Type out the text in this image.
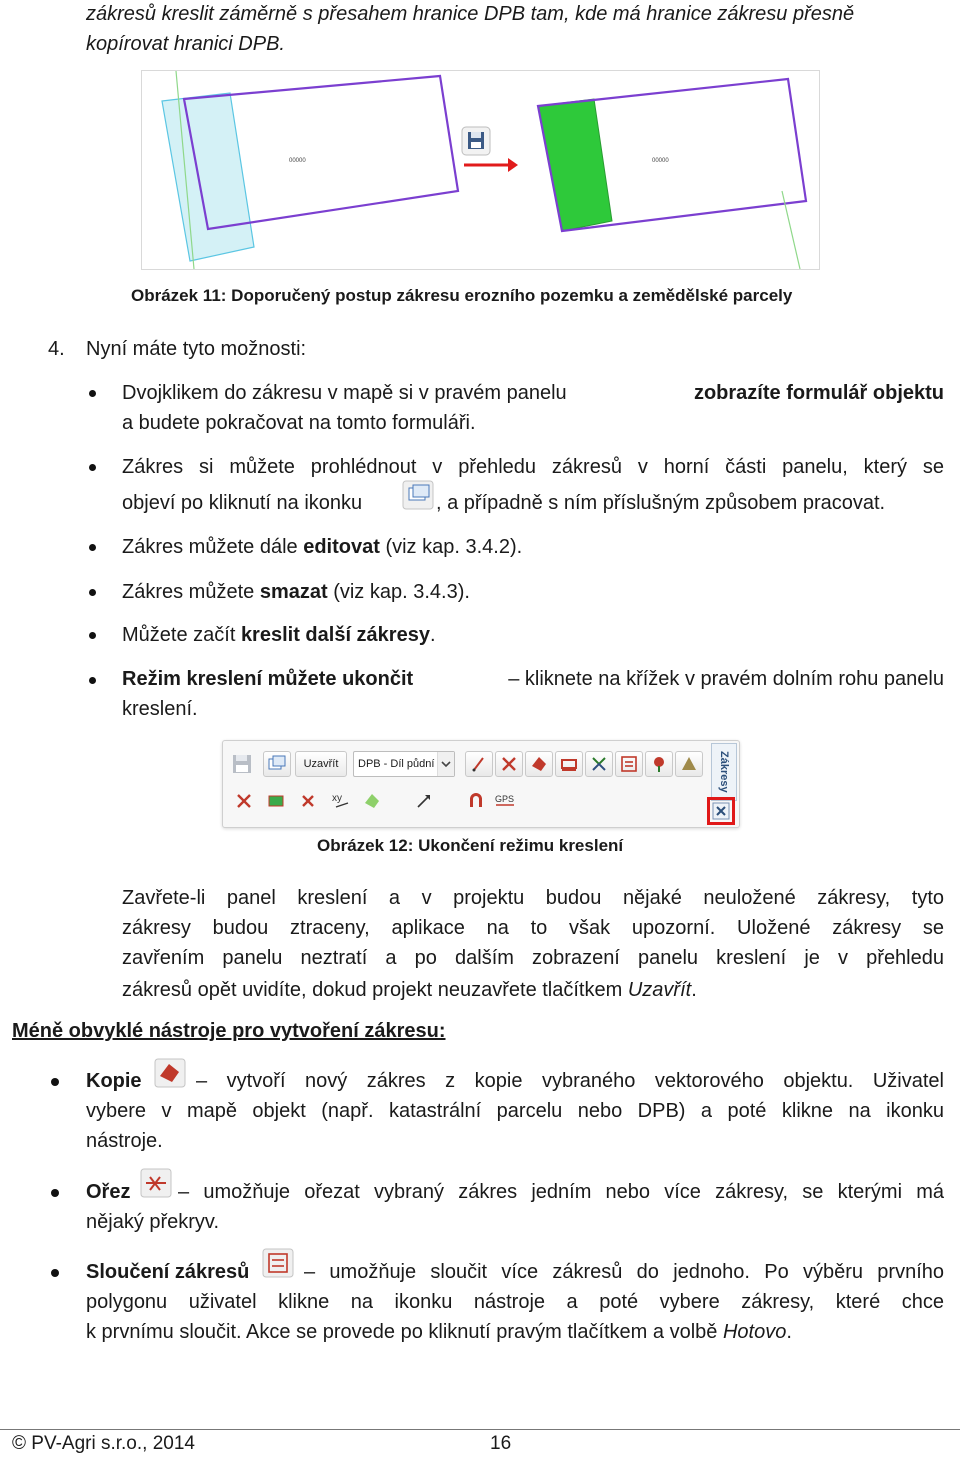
zákresů kreslit záměrně s přesahem hranice DPB tam, kde má hranice zákresu přesně
kopírovat hranici DPB.
00000	00000
Obrázek 11: Doporučený postup zákresu erozního pozemku a zemědělské parcely
4. Nyní máte tyto možnosti:
Dvojklikem do zákresu v mapě si v pravém panelu	zobrazíte formulář objektu
a budete pokračovat na tomto formuláři.
Zákres si můžete prohlédnout v přehledu zákresů v horní části panelu, který se
objeví po kliknutí na ikonku	, a případně s ním příslušným způsobem pracovat.
Zákres můžete dále editovat (viz kap. 3.4.2).
Zákres můžete smazat (viz kap. 3.4.3).
Můžete začít kreslit další zákresy.
Režim kreslení můžete ukončit	– kliknete na křížek v pravém dolním rohu panelu
kreslení.
Uzavřít	DPB - Díl půdní	Zákresy
xy	GPS
Obrázek 12: Ukončení režimu kreslení
Zavřete-li panel kreslení a v projektu budou nějaké neuložené zákresy, tyto
zákresy budou ztraceny, aplikace na to však upozorní. Uložené zákresy se
zavřením panelu neztratí a po dalším zobrazení panelu kreslení je v přehledu
zákresů opět uvidíte, dokud projekt neuzavřete tlačítkem Uzavřít.
Méně obvyklé nástroje pro vytvoření zákresu:
Kopie	– vytvoří nový zákres z kopie vybraného vektorového objektu. Uživatel
vybere v mapě objekt (např. katastrální parcelu nebo DPB) a poté klikne na ikonku
nástroje.
Ořez – umožňuje ořezat vybraný zákres jedním nebo více zákresy, se kterými má
nějaký překryv.
Sloučení zákresů	– umožňuje sloučit více zákresů do jednoho. Po výběru prvního
polygonu uživatel klikne na ikonku nástroje a poté vybere zákresy, které chce
k prvnímu sloučit. Akce se provede po kliknutí pravým tlačítkem a volbě Hotovo.
© PV-Agri s.r.o., 2014	16
